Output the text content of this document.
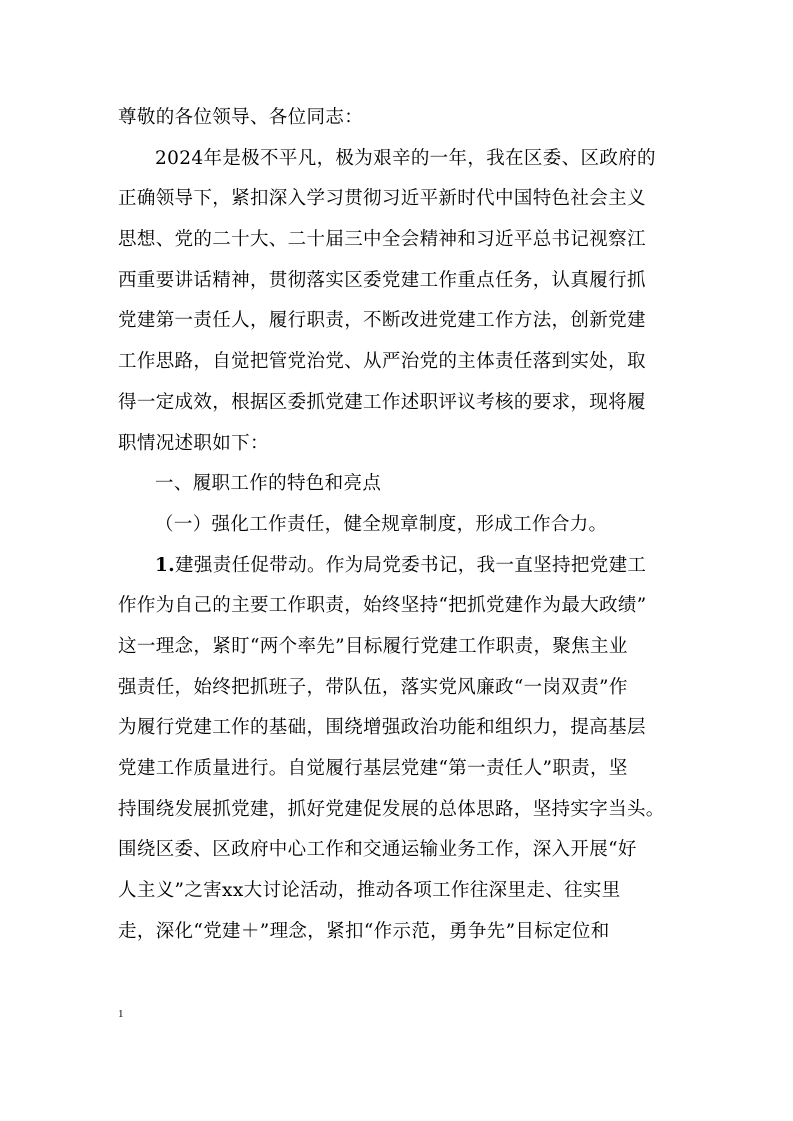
尊敬的各位领导、各位同志：
2024年是极不平凡，极为艰辛的一年，我在区委、区政府的
正确领导下，紧扣深入学习贯彻习近平新时代中国特色社会主义
思想、党的二十大、二十届三中全会精神和习近平总书记视察江
西重要讲话精神，贯彻落实区委党建工作重点任务，认真履行抓
党建第一责任人，履行职责，不断改进党建工作方法，创新党建
工作思路，自觉把管党治党、从严治党的主体责任落到实处，取
得一定成效，根据区委抓党建工作述职评议考核的要求，现将履
职情况述职如下：
一、履职工作的特色和亮点
（一）强化工作责任，健全规章制度，形成工作合力。
1.建强责任促带动。作为局党委书记，我一直坚持把党建工
作作为自己的主要工作职责，始终坚持“把抓党建作为最大政绩”
这一理念，紧盯“两个率先”目标履行党建工作职责，聚焦主业
强责任，始终把抓班子，带队伍，落实党风廉政“一岗双责”作
为履行党建工作的基础，围绕增强政治功能和组织力，提高基层
党建工作质量进行。自觉履行基层党建“第一责任人”职责，坚
持围绕发展抓党建，抓好党建促发展的总体思路，坚持实字当头。
围绕区委、区政府中心工作和交通运输业务工作，深入开展“好
人主义”之害xx大讨论活动，推动各项工作往深里走、往实里
走，深化“党建＋”理念，紧扣“作示范，勇争先”目标定位和
1
